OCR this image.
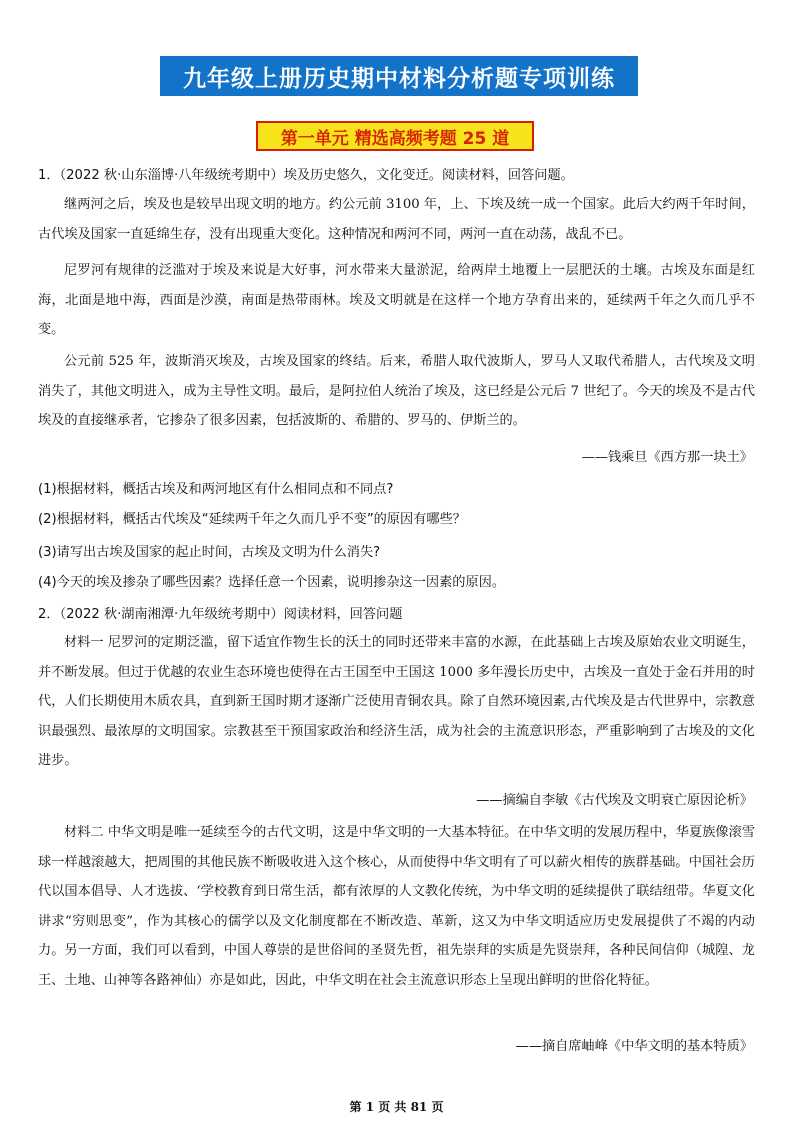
九年级上册历史期中材料分析题专项训练
第一单元 精选高频考题 25 道
1．（2022 秋·山东淄博·八年级统考期中）埃及历史悠久，文化变迁。阅读材料，回答问题。
继两河之后，埃及也是较早出现文明的地方。约公元前 3100 年，上、下埃及统一成一个国家。此后大约两千年时间，古代埃及国家一直延绵生存，没有出现重大变化。这种情况和两河不同，两河一直在动荡，战乱不已。
尼罗河有规律的泛滥对于埃及来说是大好事，河水带来大量淤泥，给两岸土地覆上一层肥沃的土壤。古埃及东面是红海，北面是地中海，西面是沙漠，南面是热带雨林。埃及文明就是在这样一个地方孕育出来的，延续两千年之久而几乎不变。
公元前 525 年，波斯消灭埃及，古埃及国家的终结。后来，希腊人取代波斯人，罗马人又取代希腊人，古代埃及文明消失了，其他文明进入，成为主导性文明。最后，是阿拉伯人统治了埃及，这已经是公元后 7 世纪了。今天的埃及不是古代埃及的直接继承者，它掺杂了很多因素，包括波斯的、希腊的、罗马的、伊斯兰的。
——钱乘旦《西方那一块土》
(1)根据材料，概括古埃及和两河地区有什么相同点和不同点?
(2)根据材料，概括古代埃及“延续两千年之久而几乎不变”的原因有哪些？
(3)请写出古埃及国家的起止时间，古埃及文明为什么消失?
(4)今天的埃及掺杂了哪些因素？选择任意一个因素，说明掺杂这一因素的原因。
2．（2022 秋·湖南湘潭·九年级统考期中）阅读材料，回答问题
材料一 尼罗河的定期泛滥，留下适宜作物生长的沃土的同时还带来丰富的水源，在此基础上古埃及原始农业文明诞生，并不断发展。但过于优越的农业生态环境也使得在古王国至中王国这 1000 多年漫长历史中，古埃及一直处于金石并用的时代，人们长期使用木质农具，直到新王国时期才逐渐广泛使用青铜农具。除了自然环境因素,古代埃及是古代世界中，宗教意识最强烈、最浓厚的文明国家。宗教甚至干预国家政治和经济生活，成为社会的主流意识形态，严重影响到了古埃及的文化进步。
——摘编自李敏《古代埃及文明衰亡原因论析》
材料二 中华文明是唯一延续至今的古代文明，这是中华文明的一大基本特征。在中华文明的发展历程中，华夏族像滚雪球一样越滚越大，把周围的其他民族不断吸收进入这个核心，从而使得中华文明有了可以薪火相传的族群基础。中国社会历代以国本倡导、人才选拔、‘学校教育到日常生活，都有浓厚的人文教化传统，为中华文明的延续提供了联结纽带。华夏文化讲求“穷则思变”，作为其核心的儒学以及文化制度都在不断改造、革新，这又为中华文明适应历史发展提供了不竭的内动力。另一方面，我们可以看到，中国人尊崇的是世俗间的圣贤先哲，祖先崇拜的实质是先贤崇拜，各种民间信仰（城隍、龙王、土地、山神等各路神仙）亦是如此，因此，中华文明在社会主流意识形态上呈现出鲜明的世俗化特征。
——摘自席岫峰《中华文明的基本特质》
第 1 页 共 81 页
